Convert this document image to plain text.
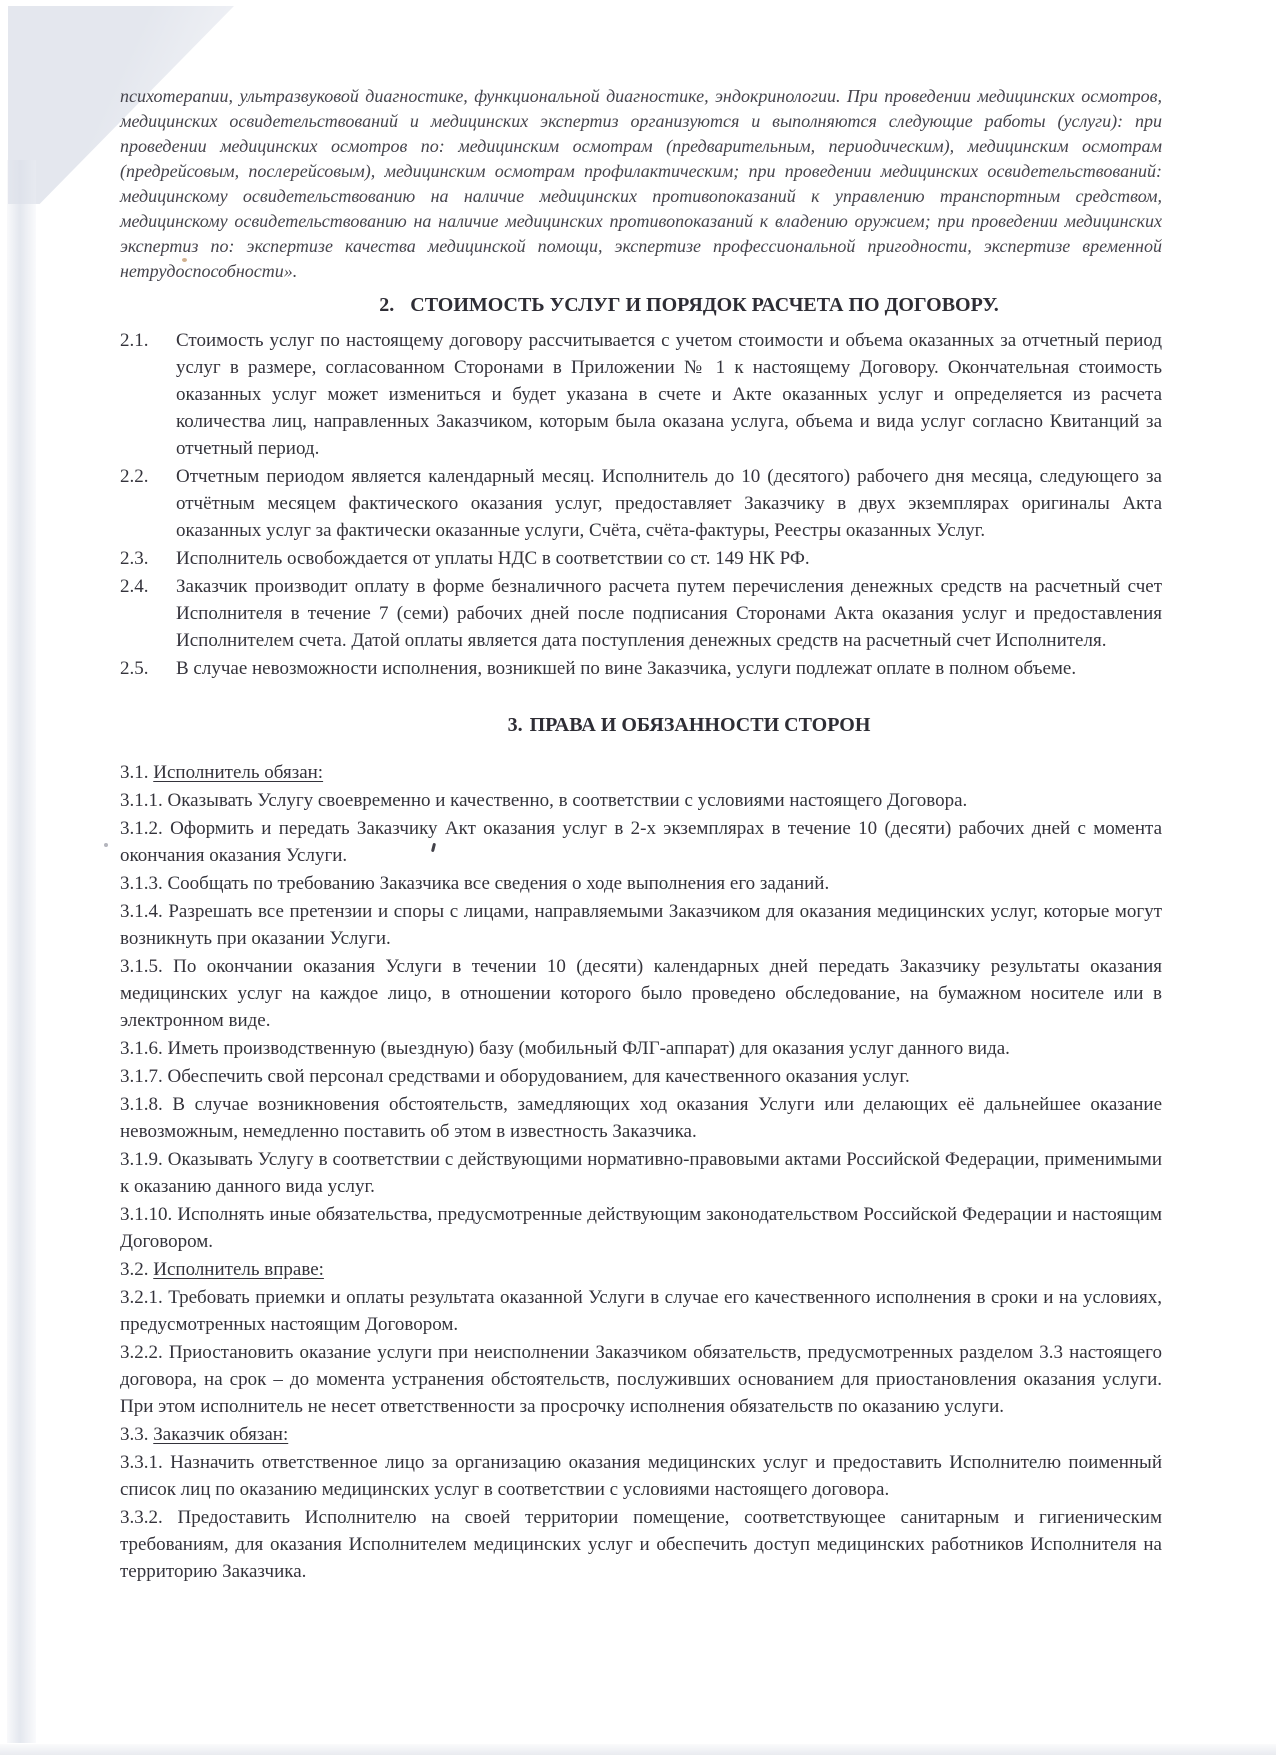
психотерапии, ультразвуковой диагностике, функциональной диагностике, эндокринологии. При проведении медицинских осмотров, медицинских освидетельствований и медицинских экспертиз организуются и выполняются следующие работы (услуги): при проведении медицинских осмотров по: медицинским осмотрам (предварительным, периодическим), медицинским осмотрам (предрейсовым, послерейсовым), медицинским осмотрам профилактическим; при проведении медицинских освидетельствований: медицинскому освидетельствованию на наличие медицинских противопоказаний к управлению транспортным средством, медицинскому освидетельствованию на наличие медицинских противопоказаний к владению оружием; при проведении медицинских экспертиз по: экспертизе качества медицинской помощи, экспертизе профессиональной пригодности, экспертизе временной нетрудоспособности».

2. СТОИМОСТЬ УСЛУГ И ПОРЯДОК РАСЧЕТА ПО ДОГОВОРУ.

2.1. Стоимость услуг по настоящему договору рассчитывается с учетом стоимости и объема оказанных за отчетный период услуг в размере, согласованном Сторонами в Приложении № 1 к настоящему Договору. Окончательная стоимость оказанных услуг может измениться и будет указана в счете и Акте оказанных услуг и определяется из расчета количества лиц, направленных Заказчиком, которым была оказана услуга, объема и вида услуг согласно Квитанций за отчетный период.

2.2. Отчетным периодом является календарный месяц. Исполнитель до 10 (десятого) рабочего дня месяца, следующего за отчётным месяцем фактического оказания услуг, предоставляет Заказчику в двух экземплярах оригиналы Акта оказанных услуг за фактически оказанные услуги, Счёта, счёта-фактуры, Реестры оказанных Услуг.

2.3. Исполнитель освобождается от уплаты НДС в соответствии со ст. 149 НК РФ.

2.4. Заказчик производит оплату в форме безналичного расчета путем перечисления денежных средств на расчетный счет Исполнителя в течение 7 (семи) рабочих дней после подписания Сторонами Акта оказания услуг и предоставления Исполнителем счета. Датой оплаты является дата поступления денежных средств на расчетный счет Исполнителя.

2.5. В случае невозможности исполнения, возникшей по вине Заказчика, услуги подлежат оплате в полном объеме.

3. ПРАВА И ОБЯЗАННОСТИ СТОРОН

3.1. Исполнитель обязан:

3.1.1. Оказывать Услугу своевременно и качественно, в соответствии с условиями настоящего Договора.

3.1.2. Оформить и передать Заказчику Акт оказания услуг в 2-х экземплярах в течение 10 (десяти) рабочих дней с момента окончания оказания Услуги.

3.1.3. Сообщать по требованию Заказчика все сведения о ходе выполнения его заданий.

3.1.4. Разрешать все претензии и споры с лицами, направляемыми Заказчиком для оказания медицинских услуг, которые могут возникнуть при оказании Услуги.

3.1.5. По окончании оказания Услуги в течении 10 (десяти) календарных дней передать Заказчику результаты оказания медицинских услуг на каждое лицо, в отношении которого было проведено обследование, на бумажном носителе или в электронном виде.

3.1.6. Иметь производственную (выездную) базу (мобильный ФЛГ-аппарат) для оказания услуг данного вида.

3.1.7. Обеспечить свой персонал средствами и оборудованием, для качественного оказания услуг.

3.1.8. В случае возникновения обстоятельств, замедляющих ход оказания Услуги или делающих её дальнейшее оказание невозможным, немедленно поставить об этом в известность Заказчика.

3.1.9. Оказывать Услугу в соответствии с действующими нормативно-правовыми актами Российской Федерации, применимыми к оказанию данного вида услуг.

3.1.10. Исполнять иные обязательства, предусмотренные действующим законодательством Российской Федерации и настоящим Договором.

3.2. Исполнитель вправе:

3.2.1. Требовать приемки и оплаты результата оказанной Услуги в случае его качественного исполнения в сроки и на условиях, предусмотренных настоящим Договором.

3.2.2. Приостановить оказание услуги при неисполнении Заказчиком обязательств, предусмотренных разделом 3.3 настоящего договора, на срок – до момента устранения обстоятельств, послуживших основанием для приостановления оказания услуги. При этом исполнитель не несет ответственности за просрочку исполнения обязательств по оказанию услуги.

3.3. Заказчик обязан:

3.3.1. Назначить ответственное лицо за организацию оказания медицинских услуг и предоставить Исполнителю поименный список лиц по оказанию медицинских услуг в соответствии с условиями настоящего договора.

3.3.2. Предоставить Исполнителю на своей территории помещение, соответствующее санитарным и гигиеническим требованиям, для оказания Исполнителем медицинских услуг и обеспечить доступ медицинских работников Исполнителя на территорию Заказчика.
